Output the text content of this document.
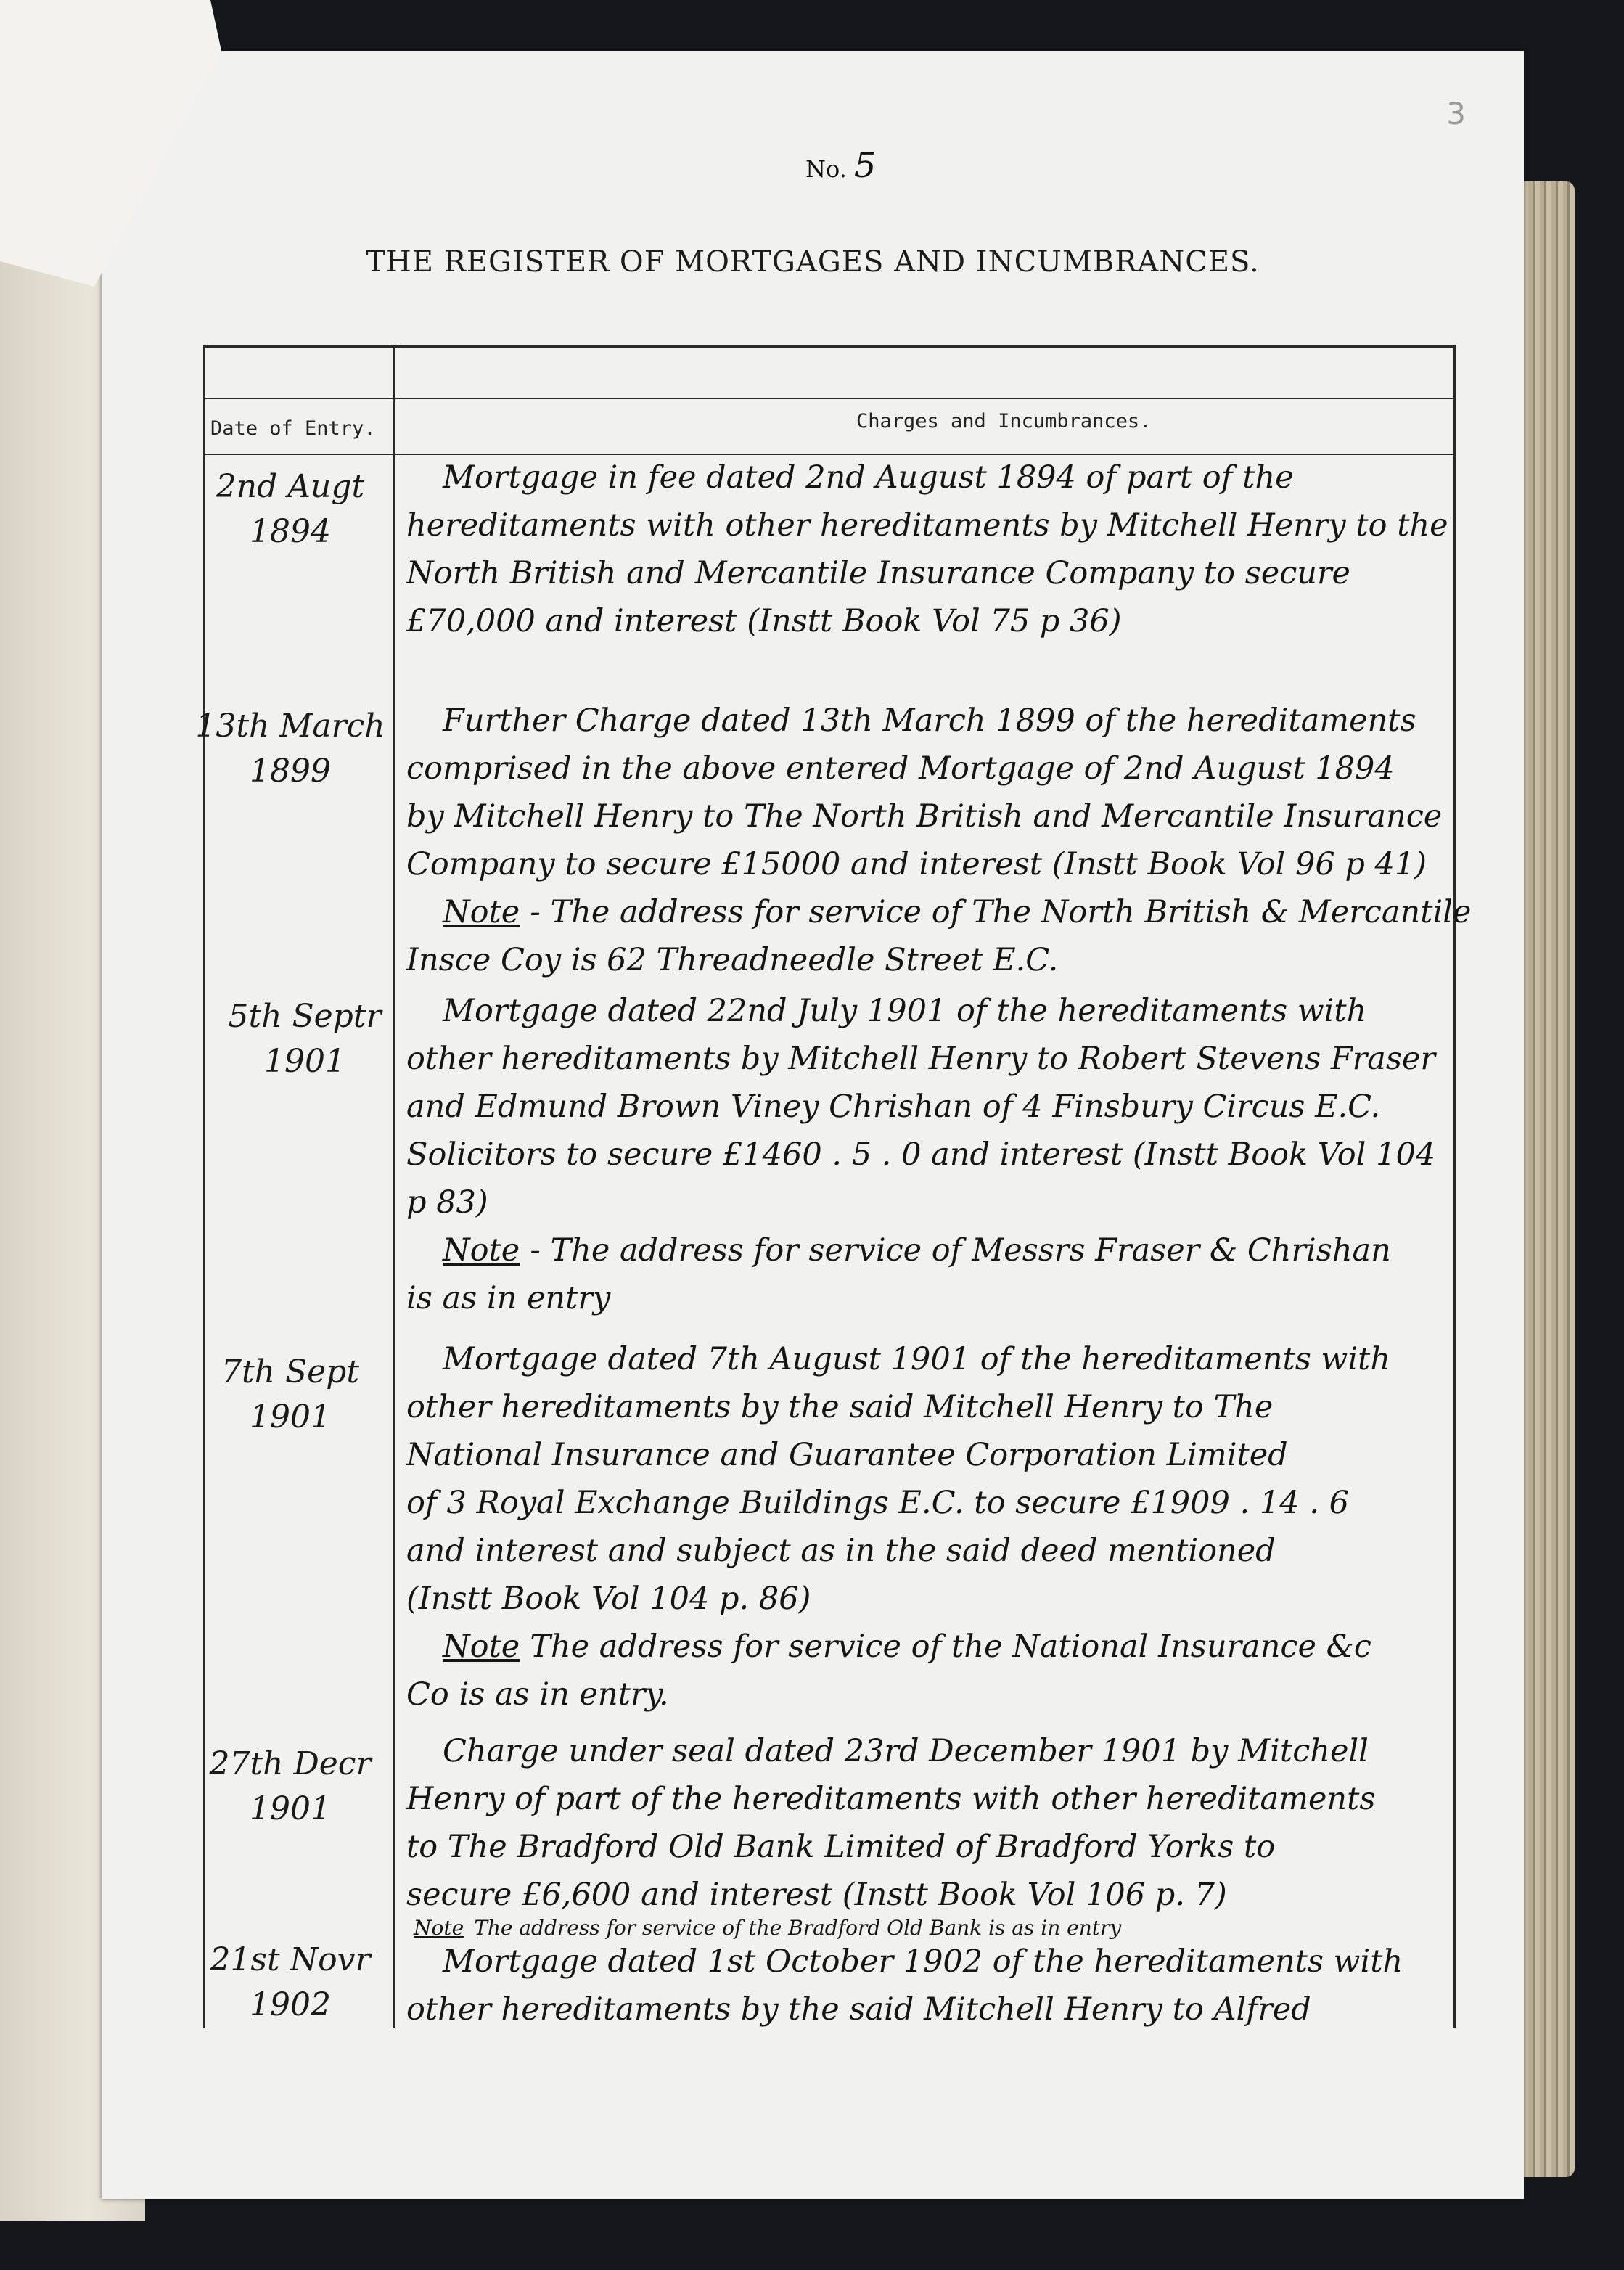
3
No. 5
THE REGISTER OF MORTGAGES AND INCUMBRANCES.
Date of Entry.	Charges and Incumbrances.
2nd Augt
1894
Mortgage in fee dated 2nd August 1894 of part of the
hereditaments with other hereditaments by Mitchell Henry to the
North British and Mercantile Insurance Company to secure
£70,000 and interest (Instt Book Vol 75 p 36)
13th March
1899
Further Charge dated 13th March 1899 of the hereditaments
comprised in the above entered Mortgage of 2nd August 1894
by Mitchell Henry to The North British and Mercantile Insurance
Company to secure £15000 and interest (Instt Book Vol 96 p 41)
Note - The address for service of The North British & Mercantile
Insce Coy is 62 Threadneedle Street E.C.
5th Septr 1901
Mortgage dated 22nd July 1901 of the hereditaments with
other hereditaments by Mitchell Henry to Robert Stevens Fraser
and Edmund Brown Viney Chrishan of 4 Finsbury Circus E.C.
Solicitors to secure £1460 . 5 . 0 and interest (Instt Book Vol 104
p 83)
Note - The address for service of Messrs Fraser & Chrishan
is as in entry
7th Sept
1901
Mortgage dated 7th August 1901 of the hereditaments with
other hereditaments by the said Mitchell Henry to The
National Insurance and Guarantee Corporation Limited
of 3 Royal Exchange Buildings E.C. to secure £1909 . 14 . 6
and interest and subject as in the said deed mentioned
(Instt Book Vol 104 p. 86)
Note The address for service of the National Insurance &c
Co is as in entry.
27th Decr
1901
Charge under seal dated 23rd December 1901 by Mitchell
Henry of part of the hereditaments with other hereditaments
to The Bradford Old Bank Limited of Bradford Yorks to
secure £6,600 and interest (Instt Book Vol 106 p. 7)
Note The address for service of the Bradford Old Bank is as in entry
21st Novr
1902
Mortgage dated 1st October 1902 of the hereditaments with
other hereditaments by the said Mitchell Henry to Alfred
